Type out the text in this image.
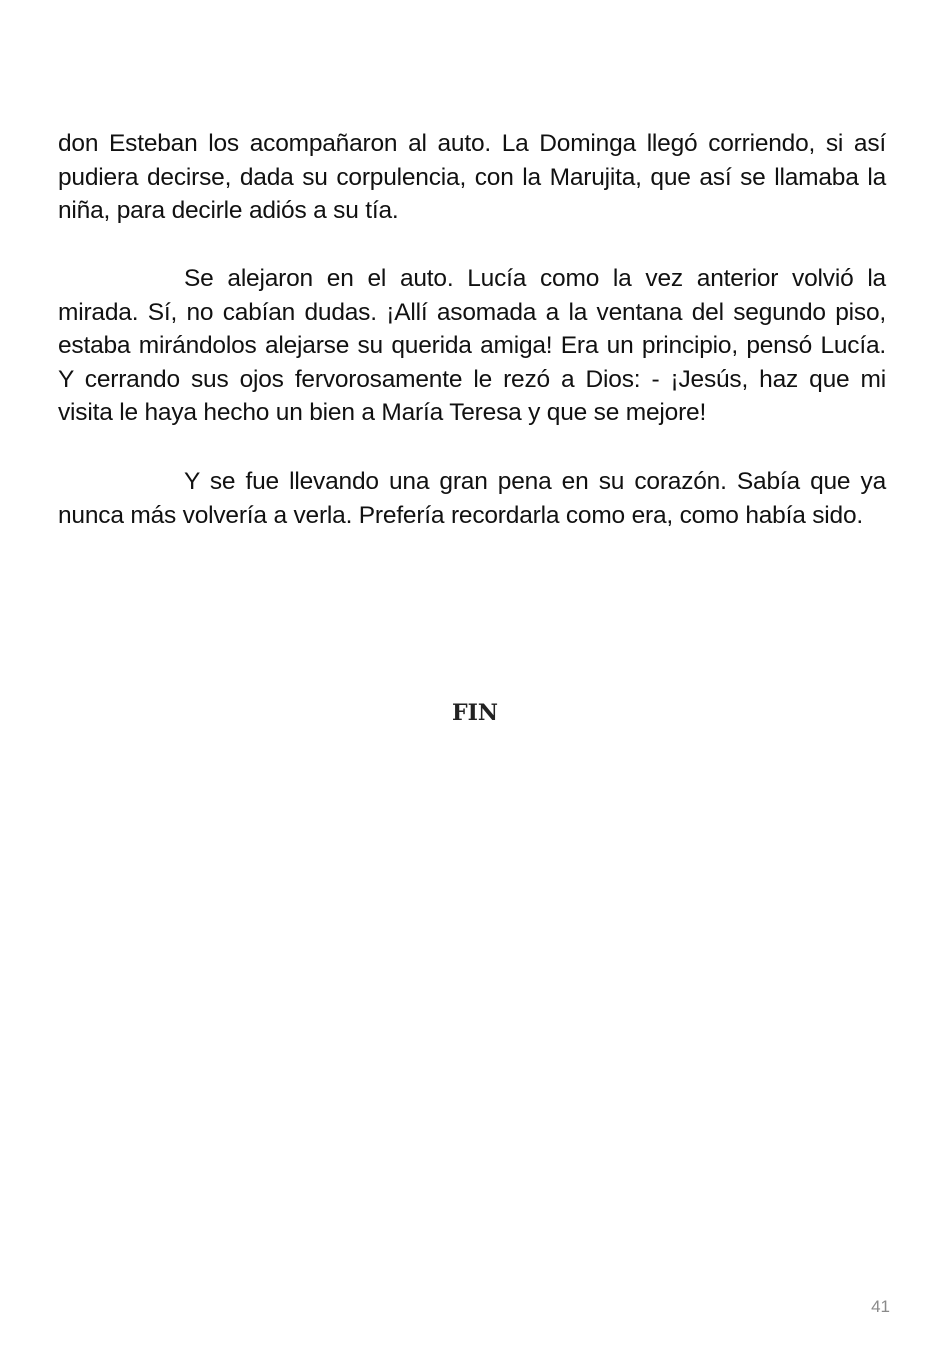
don Esteban los acompañaron al auto. La Dominga llegó corriendo, si así pudiera decirse, dada su corpulencia, con la Marujita, que así se llamaba la niña, para decirle adiós a su tía.

Se alejaron en el auto. Lucía como la vez anterior volvió la mirada. Sí, no cabían dudas. ¡Allí asomada a la ventana del segundo piso, estaba mirándolos alejarse su querida amiga! Era un principio, pensó Lucía. Y cerrando sus ojos fervorosamente le rezó a Dios: - ¡Jesús, haz que mi visita le haya hecho un bien a María Teresa y que se mejore!

Y se fue llevando una gran pena en su corazón. Sabía que ya nunca más volvería a verla. Prefería recordarla como era, como había sido.

FIN
41
